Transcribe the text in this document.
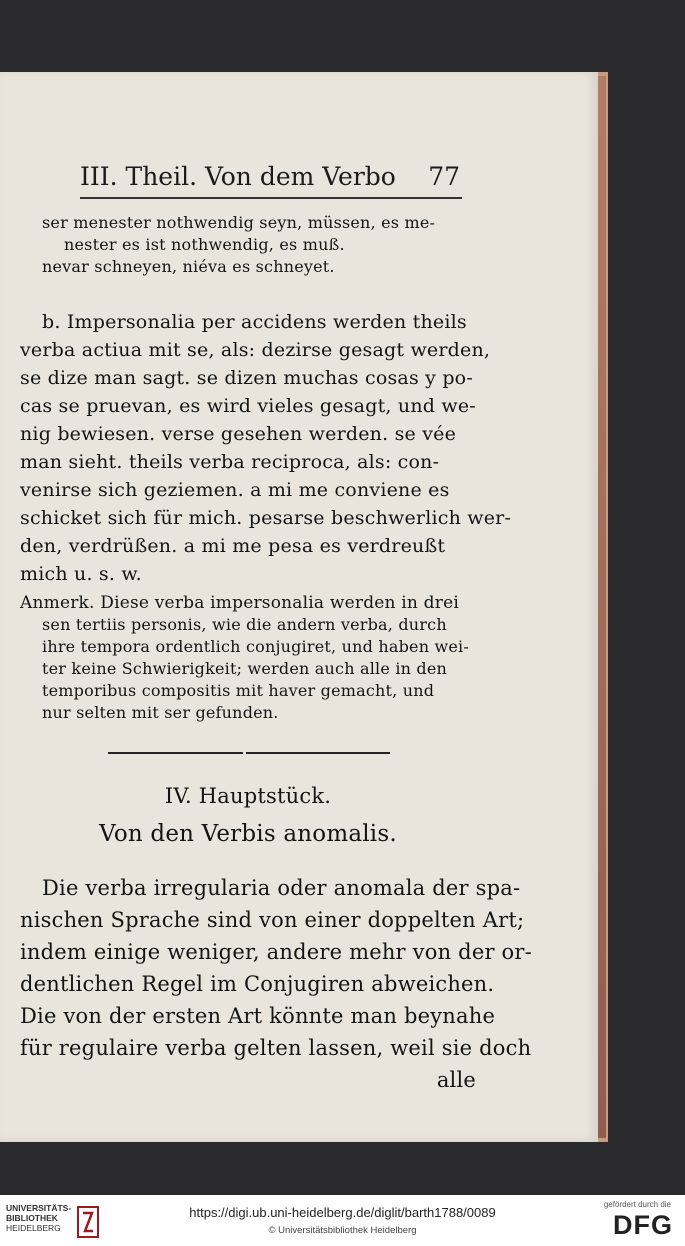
III. Theil. Von dem Verbo 77
ser menester nothwendig seyn, müssen, es me-
nester es ist nothwendig, es muß.
nevar schneyen, niéva es schneyet.
b. Impersonalia per accidens werden theils
verba actiua mit se, als: dezirse gesagt werden,
se dize man sagt. se dizen muchas cosas y po-
cas se pruevan, es wird vieles gesagt, und we-
nig bewiesen. verse gesehen werden. se vée
man sieht. theils verba reciproca, als: con-
venirse sich geziemen. a mi me conviene es
schicket sich für mich. pesarse beschwerlich wer-
den, verdrüßen. a mi me pesa es verdreußt
mich u. s. w.
Anmerk. Diese verba impersonalia werden in drei
sen tertiis personis, wie die andern verba, durch
ihre tempora ordentlich conjugiret, und haben wei-
ter keine Schwierigkeit; werden auch alle in den
temporibus compositis mit haver gemacht, und
nur selten mit ser gefunden.
IV. Hauptstück.
Von den Verbis anomalis.
Die verba irregularia oder anomala der spa-
nischen Sprache sind von einer doppelten Art;
indem einige weniger, andere mehr von der or-
dentlichen Regel im Conjugiren abweichen.
Die von der ersten Art könnte man beynahe
für regulaire verba gelten lassen, weil sie doch
alle
UNIVERSITÄTS-
BIBLIOTHEK
HEIDELBERG
https://digi.ub.uni-heidelberg.de/diglit/barth1788/0089
© Universitätsbibliothek Heidelberg
gefördert durch die
DFG
